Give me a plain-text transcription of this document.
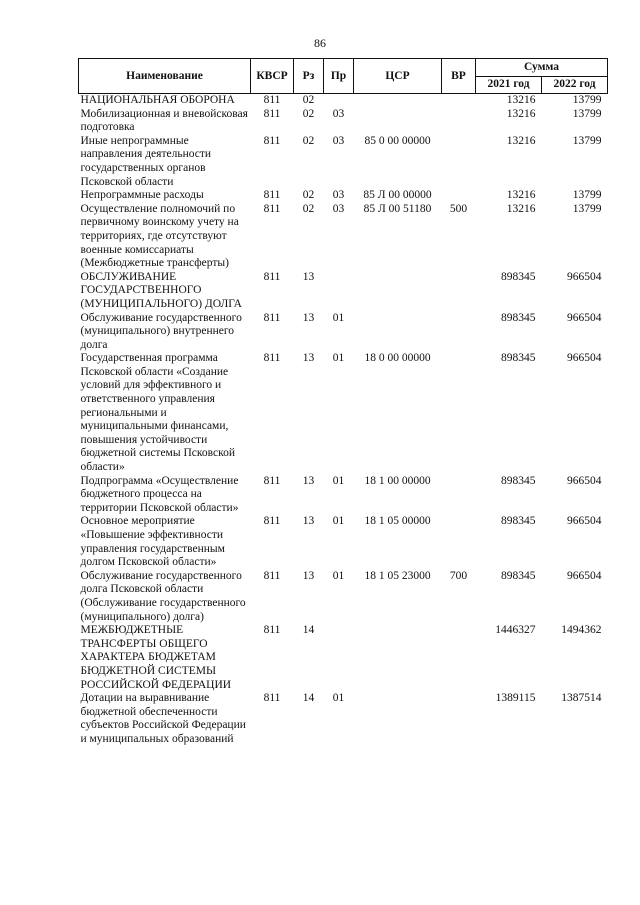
86
Наименование	КВСР	Рз	Пр	ЦСР	ВР	Сумма	
						2021 год	2022 год
НАЦИОНАЛЬНАЯ ОБОРОНА	811	02				13216	13799
Мобилизационная и вневойсковая подготовка	811	02	03			13216	13799
Иные непрограммные направления деятельности государственных органов Псковской области	811	02	03	85 0 00 00000		13216	13799
Непрограммные расходы	811	02	03	85 Л 00 00000		13216	13799
Осуществление полномочий по первичному воинскому учету на территориях, где отсутствуют военные комиссариаты (Межбюджетные трансферты)	811	02	03	85 Л 00 51180	500	13216	13799
ОБСЛУЖИВАНИЕ ГОСУДАРСТВЕННОГО (МУНИЦИПАЛЬНОГО) ДОЛГА	811	13				898345	966504
Обслуживание государственного (муниципального) внутреннего долга	811	13	01			898345	966504
Государственная программа Псковской области «Создание условий для эффективного и ответственного управления региональными и муниципальными финансами, повышения устойчивости бюджетной системы Псковской области»	811	13	01	18 0 00 00000		898345	966504
Подпрограмма «Осуществление бюджетного процесса на территории Псковской области»	811	13	01	18 1 00 00000		898345	966504
Основное мероприятие «Повышение эффективности управления государственным долгом Псковской области»	811	13	01	18 1 05 00000		898345	966504
Обслуживание государственного долга Псковской области (Обслуживание государственного (муниципального) долга)	811	13	01	18 1 05 23000	700	898345	966504
МЕЖБЮДЖЕТНЫЕ ТРАНСФЕРТЫ ОБЩЕГО ХАРАКТЕРА БЮДЖЕТАМ БЮДЖЕТНОЙ СИСТЕМЫ РОССИЙСКОЙ ФЕДЕРАЦИИ	811	14				1446327	1494362
Дотации на выравнивание бюджетной обеспеченности субъектов Российской Федерации и муниципальных образований	811	14	01			1389115	1387514
